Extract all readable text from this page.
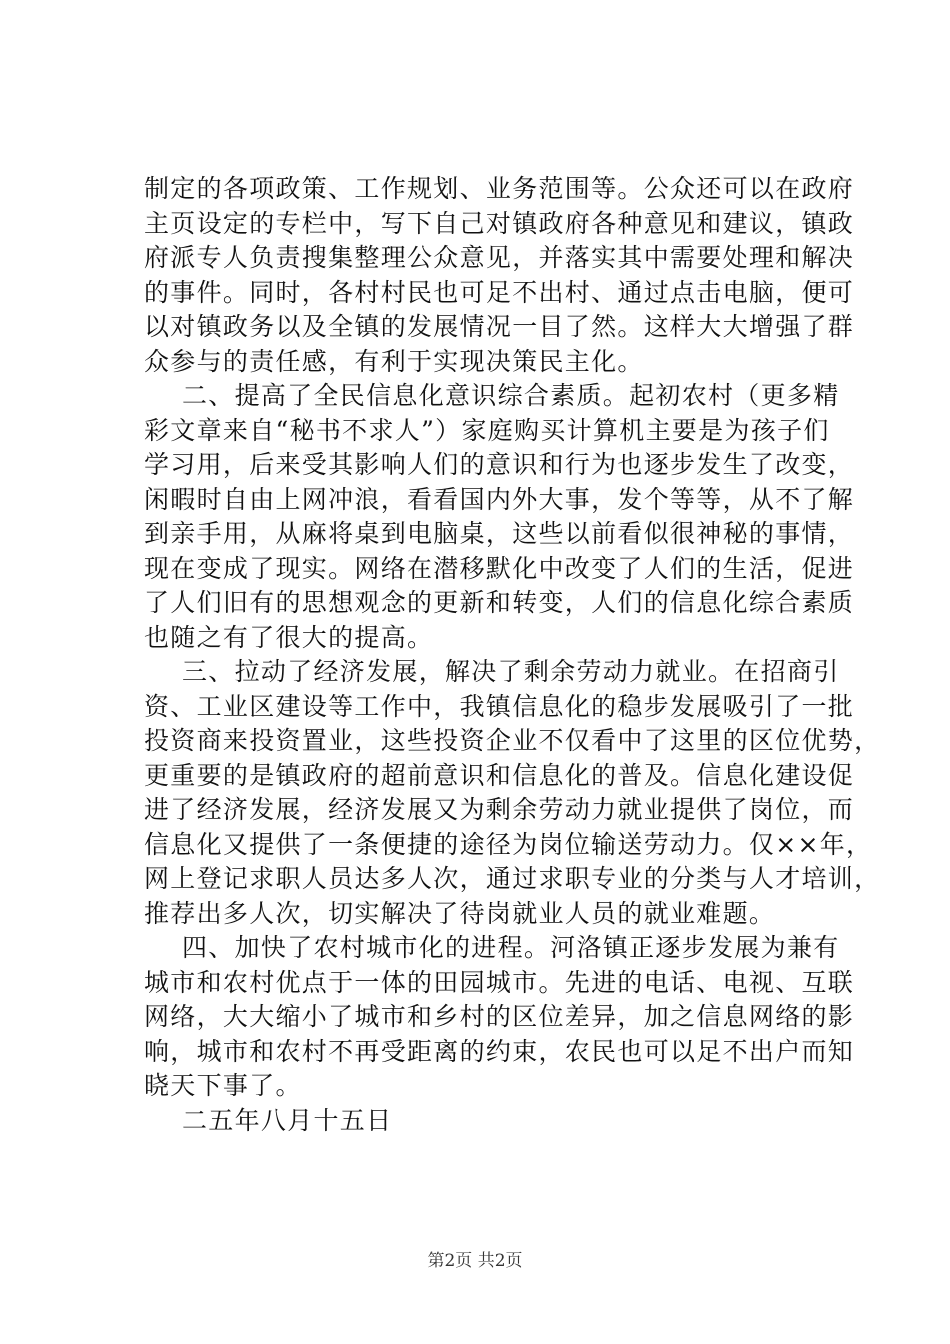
制定的各项政策、工作规划、业务范围等。公众还可以在政府
主页设定的专栏中，写下自己对镇政府各种意见和建议，镇政
府派专人负责搜集整理公众意见，并落实其中需要处理和解决
的事件。同时，各村村民也可足不出村、通过点击电脑，便可
以对镇政务以及全镇的发展情况一目了然。这样大大增强了群
众参与的责任感，有利于实现决策民主化。
二、提高了全民信息化意识综合素质。起初农村（更多精
彩文章来自“秘书不求人”）家庭购买计算机主要是为孩子们
学习用，后来受其影响人们的意识和行为也逐步发生了改变，
闲暇时自由上网冲浪，看看国内外大事，发个等等，从不了解
到亲手用，从麻将桌到电脑桌，这些以前看似很神秘的事情，
现在变成了现实。网络在潜移默化中改变了人们的生活，促进
了人们旧有的思想观念的更新和转变，人们的信息化综合素质
也随之有了很大的提高。
三、拉动了经济发展，解决了剩余劳动力就业。在招商引
资、工业区建设等工作中，我镇信息化的稳步发展吸引了一批
投资商来投资置业，这些投资企业不仅看中了这里的区位优势，
更重要的是镇政府的超前意识和信息化的普及。信息化建设促
进了经济发展，经济发展又为剩余劳动力就业提供了岗位，而
信息化又提供了一条便捷的途径为岗位输送劳动力。仅××年，
网上登记求职人员达多人次，通过求职专业的分类与人才培训，
推荐出多人次，切实解决了待岗就业人员的就业难题。
四、加快了农村城市化的进程。河洛镇正逐步发展为兼有
城市和农村优点于一体的田园城市。先进的电话、电视、互联
网络，大大缩小了城市和乡村的区位差异，加之信息网络的影
响，城市和农村不再受距离的约束，农民也可以足不出户而知
晓天下事了。
二五年八月十五日
第2页 共2页
